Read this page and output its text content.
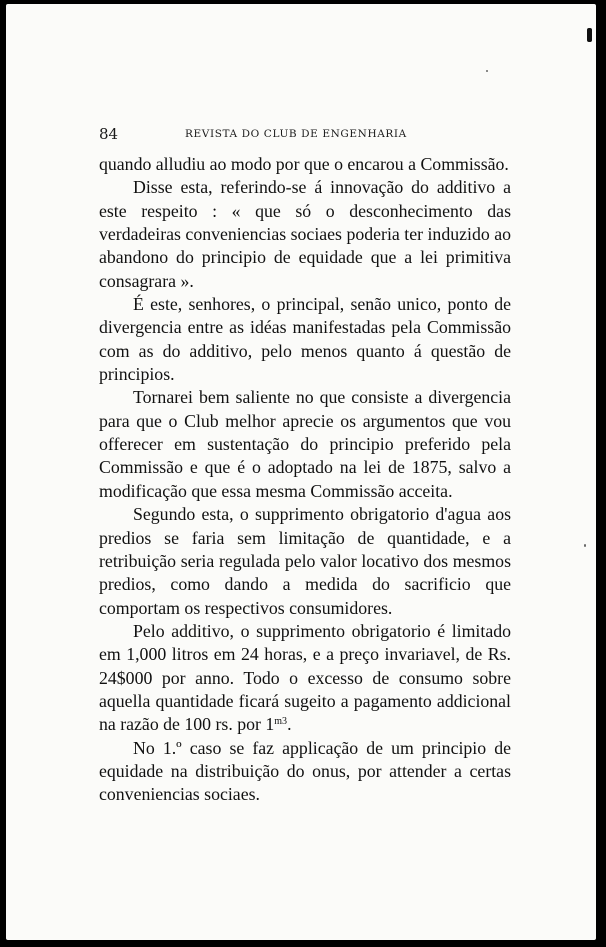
84	REVISTA DO CLUB DE ENGENHARIA

quando alludiu ao modo por que o encarou a Commissão.

Disse esta, referindo-se á innovação do additivo a este respeito : « que só o desconhecimento das verdadeiras conveniencias sociaes poderia ter induzido ao abandono do principio de equidade que a lei primitiva consagrara ».

É este, senhores, o principal, senão unico, ponto de divergencia entre as idéas manifestadas pela Commissão com as do additivo, pelo menos quanto á questão de principios.

Tornarei bem saliente no que consiste a divergencia para que o Club melhor aprecie os argumentos que vou offerecer em sustentação do principio preferido pela Commissão e que é o adoptado na lei de 1875, salvo a modificação que essa mesma Commissão acceita.

Segundo esta, o supprimento obrigatorio d'agua aos predios se faria sem limitação de quantidade, e a retribuição seria regulada pelo valor locativo dos mesmos predios, como dando a medida do sacrificio que comportam os respectivos consumidores.

Pelo additivo, o supprimento obrigatorio é limitado em 1,000 litros em 24 horas, e a preço invariavel, de Rs. 24$000 por anno. Todo o excesso de consumo sobre aquella quantidade ficará sugeito a pagamento addicional na razão de 100 rs. por $1^{m3}$.

No 1.º caso se faz applicação de um principio de equidade na distribuição do onus, por attender a certas conveniencias sociaes.
